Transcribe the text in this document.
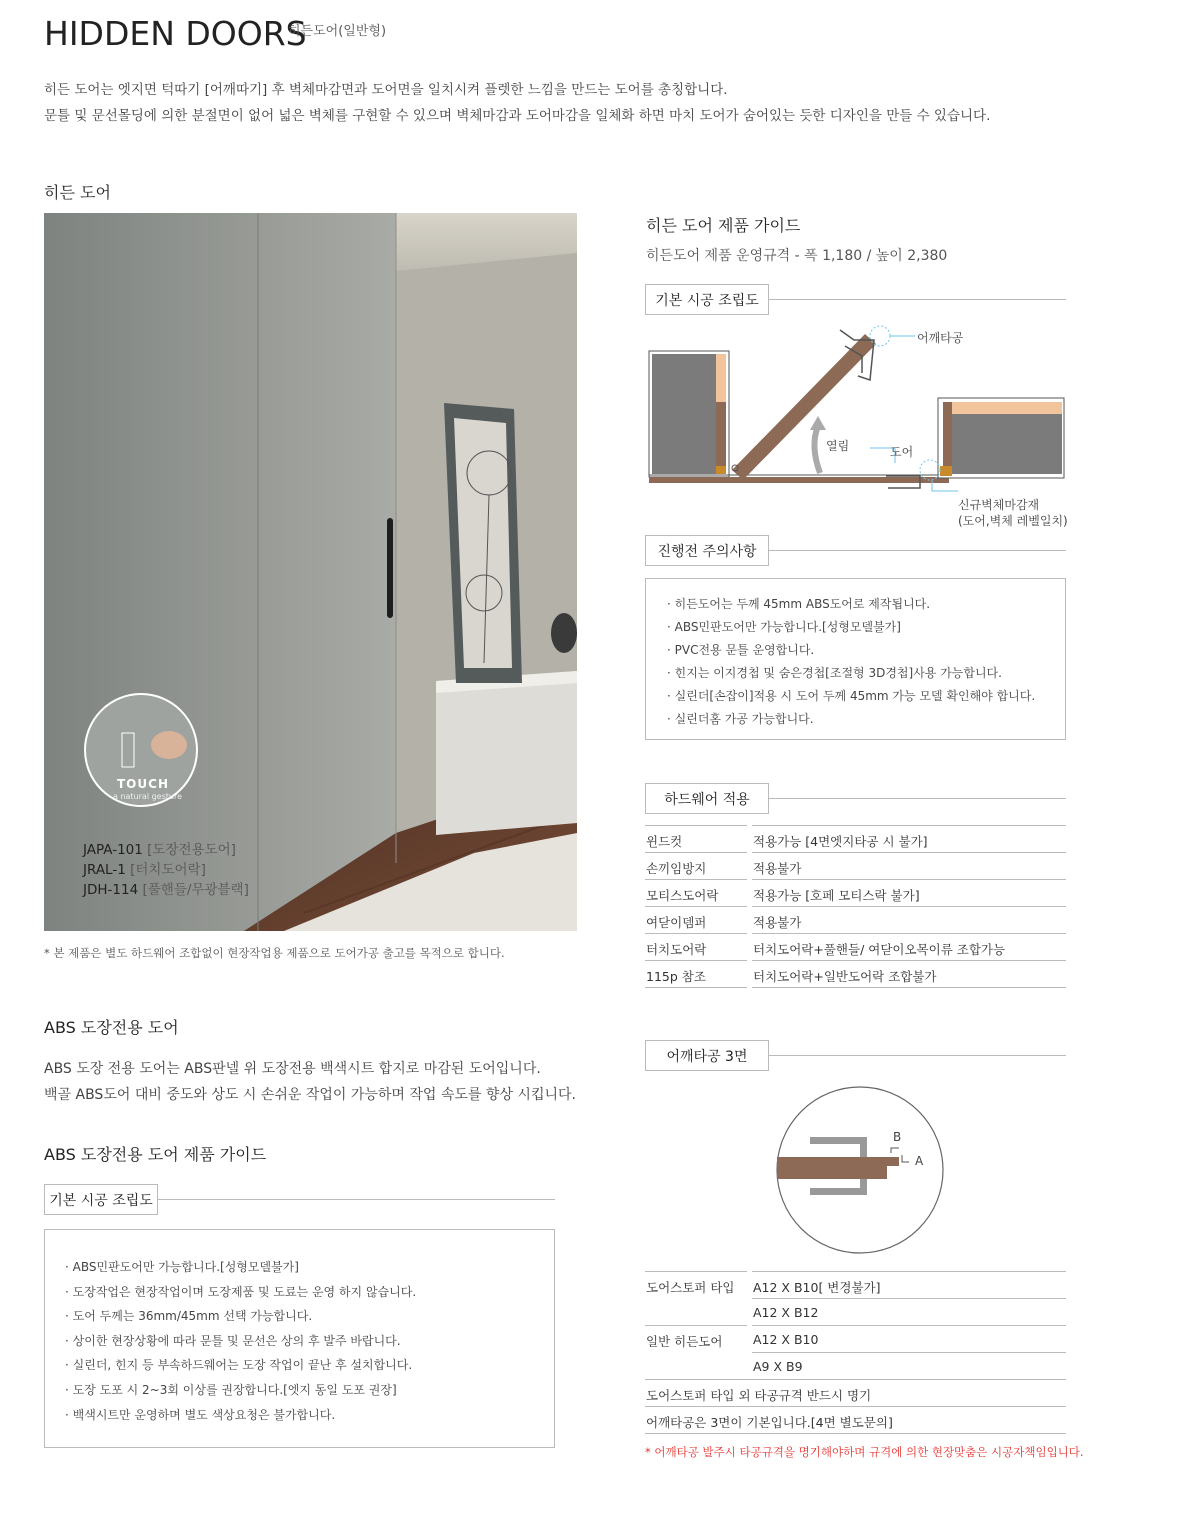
HIDDEN DOORS
히든도어(일반형)
히든 도어는 엣지면 턱따기 [어깨따기] 후 벽체마감면과 도어면을 일치시켜 플렛한 느낌을 만드는 도어를 총칭합니다.
문틀 및 문선몰딩에 의한 분절면이 없어 넓은 벽체를 구현할 수 있으며 벽체마감과 도어마감을 일체화 하면 마치 도어가 숨어있는 듯한 디자인을 만들 수 있습니다.
히든 도어
TOUCH
a natural gesture
JAPA-101 [도장전용도어]
JRAL-1 [터치도어락]
JDH-114 [풀핸들/무광블랙]
* 본 제품은 별도 하드웨어 조합없이 현장작업용 제품으로 도어가공 출고를 목적으로 합니다.
ABS 도장전용 도어
ABS 도장 전용 도어는 ABS판넬 위 도장전용 백색시트 합지로 마감된 도어입니다.
백골 ABS도어 대비 중도와 상도 시 손쉬운 작업이 가능하며 작업 속도를 향상 시킵니다.
ABS 도장전용 도어 제품 가이드
기본 시공 조립도
· ABS민판도어만 가능합니다.[성형모델불가]
· 도장작업은 현장작업이며 도장제품 및 도료는 운영 하지 않습니다.
· 도어 두께는 36mm/45mm 선택 가능합니다.
· 상이한 현장상황에 따라 문틀 및 문선은 상의 후 발주 바랍니다.
· 실린더, 힌지 등 부속하드웨어는 도장 작업이 끝난 후 설치합니다.
· 도장 도포 시 2~3회 이상를 권장합니다.[엣지 동일 도포 권장]
· 백색시트만 운영하며 별도 색상요청은 불가합니다.
히든 도어 제품 가이드
히든도어 제품 운영규격 - 폭 1,180 / 높이 2,380
기본 시공 조립도
어깨타공
열림	도어
신규벽체마감재
(도어,벽체 레벨일치)
진행전 주의사항
· 히든도어는 두께 45mm ABS도어로 제작됩니다.
· ABS민판도어만 가능합니다.[성형모델불가]
· PVC전용 문틀 운영합니다.
· 힌지는 이지경첩 및 숨은경첩[조절형 3D경첩]사용 가능합니다.
· 실린더[손잡이]적용 시 도어 두께 45mm 가능 모델 확인해야 합니다.
· 실린더홈 가공 가능합니다.
하드웨어 적용
윈드컷	적용가능 [4면엣지타공 시 불가]
손끼임방지	적용불가
모티스도어락	적용가능 [호페 모티스락 불가]
여닫이뎀퍼	적용불가
터치도어락	터치도어락+풀핸들/ 여닫이오목이류 조합가능
115p 참조	터치도어락+일반도어락 조합불가
어깨타공 3면
B
A
도어스토퍼 타입	A12 X B10[ 변경불가]
A12 X B12
일반 히든도어	A12 X B10
A9 X B9
도어스토퍼 타입 외 타공규격 반드시 명기
어깨타공은 3면이 기본입니다.[4면 별도문의]
* 어깨타공 발주시 타공규격을 명기해야하며 규격에 의한 현장맞춤은 시공자책임입니다.
